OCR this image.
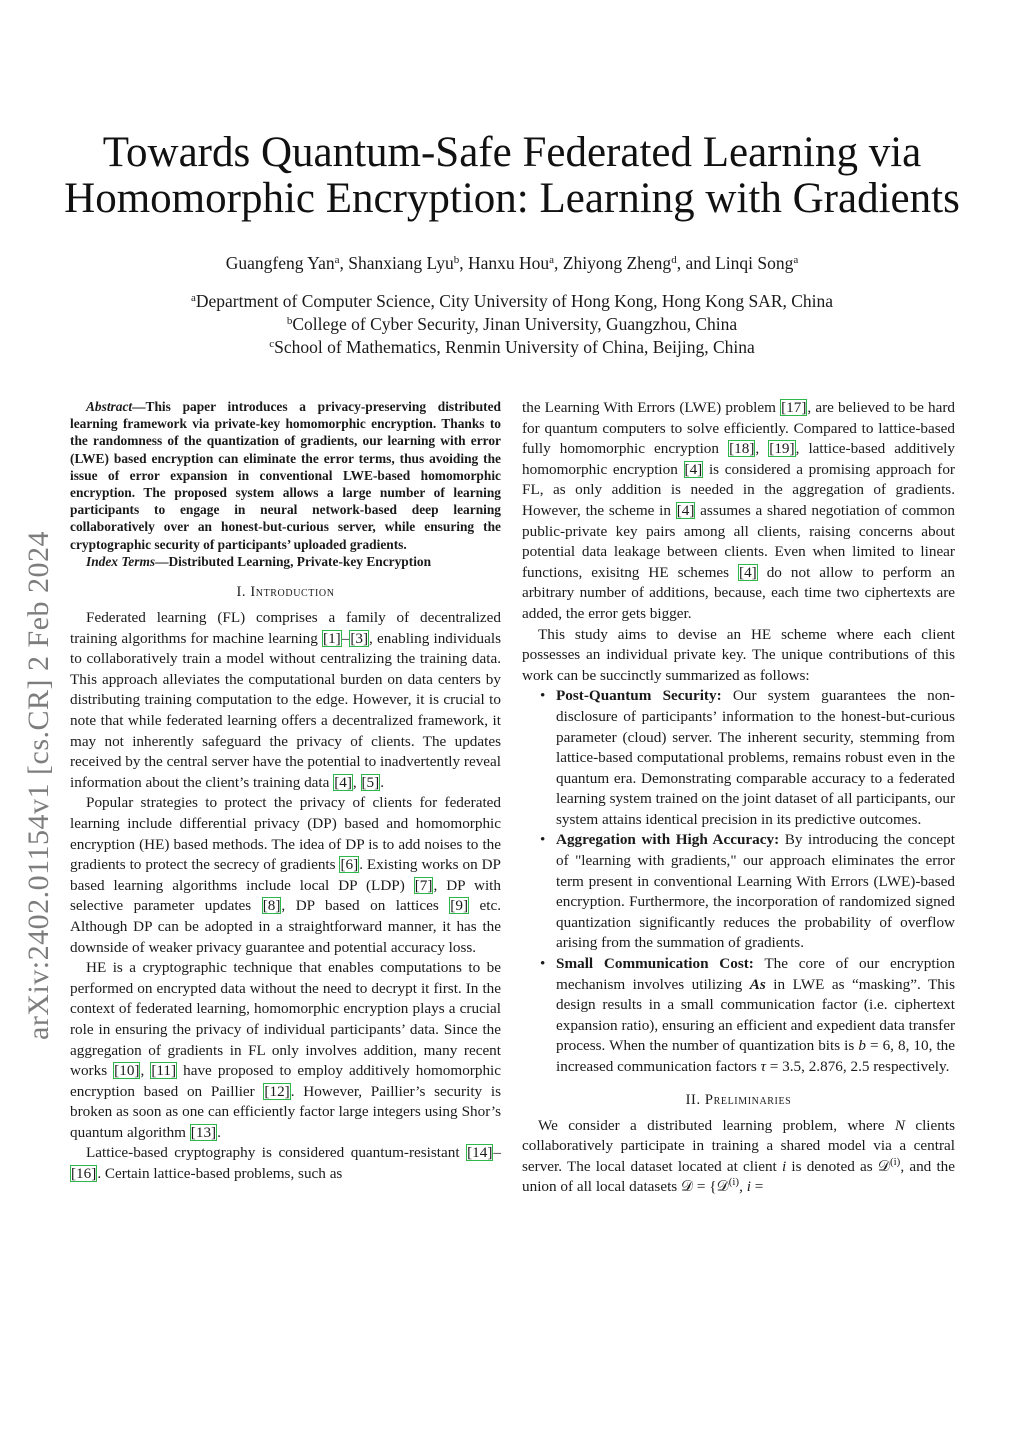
arXiv:2402.01154v1 [cs.CR] 2 Feb 2024
Towards Quantum-Safe Federated Learning via
Homomorphic Encryption: Learning with Gradients
Guangfeng Yan$^a$, Shanxiang Lyu$^b$, Hanxu Hou$^a$, Zhiyong Zheng$^d$, and Linqi Song$^a$
$^a$Department of Computer Science, City University of Hong Kong, Hong Kong SAR, China
$^b$College of Cyber Security, Jinan University, Guangzhou, China
$^c$School of Mathematics, Renmin University of China, Beijing, China

Abstract—This paper introduces a privacy-preserving distributed learning framework via private-key homomorphic encryption. Thanks to the randomness of the quantization of gradients, our learning with error (LWE) based encryption can eliminate the error terms, thus avoiding the issue of error expansion in conventional LWE-based homomorphic encryption. The proposed system allows a large number of learning participants to engage in neural network-based deep learning collaboratively over an honest-but-curious server, while ensuring the cryptographic security of participants’ uploaded gradients.

Index Terms—Distributed Learning, Private-key Encryption

I. Introduction

Federated learning (FL) comprises a family of decentralized training algorithms for machine learning [1]–[3], enabling individuals to collaboratively train a model without centralizing the training data. This approach alleviates the computational burden on data centers by distributing training computation to the edge. However, it is crucial to note that while federated learning offers a decentralized framework, it may not inherently safeguard the privacy of clients. The updates received by the central server have the potential to inadvertently reveal information about the client’s training data [4], [5].

Popular strategies to protect the privacy of clients for federated learning include differential privacy (DP) based and homomorphic encryption (HE) based methods. The idea of DP is to add noises to the gradients to protect the secrecy of gradients [6]. Existing works on DP based learning algorithms include local DP (LDP) [7], DP with selective parameter updates [8], DP based on lattices [9] etc. Although DP can be adopted in a straightforward manner, it has the downside of weaker privacy guarantee and potential accuracy loss.

HE is a cryptographic technique that enables computations to be performed on encrypted data without the need to decrypt it first. In the context of federated learning, homomorphic encryption plays a crucial role in ensuring the privacy of individual participants’ data. Since the aggregation of gradients in FL only involves addition, many recent works [10], [11] have proposed to employ additively homomorphic encryption based on Paillier [12]. However, Paillier’s security is broken as soon as one can efficiently factor large integers using Shor’s quantum algorithm [13].

Lattice-based cryptography is considered quantum-resistant [14]–[16]. Certain lattice-based problems, such as

the Learning With Errors (LWE) problem [17], are believed to be hard for quantum computers to solve efficiently. Compared to lattice-based fully homomorphic encryption [18], [19], lattice-based additively homomorphic encryption [4] is considered a promising approach for FL, as only addition is needed in the aggregation of gradients. However, the scheme in [4] assumes a shared negotiation of common public-private key pairs among all clients, raising concerns about potential data leakage between clients. Even when limited to linear functions, exisitng HE schemes [4] do not allow to perform an arbitrary number of additions, because, each time two ciphertexts are added, the error gets bigger.

This study aims to devise an HE scheme where each client possesses an individual private key. The unique contributions of this work can be succinctly summarized as follows:

• Post-Quantum Security: Our system guarantees the non-disclosure of participants’ information to the honest-but-curious parameter (cloud) server. The inherent security, stemming from lattice-based computational problems, remains robust even in the quantum era. Demonstrating comparable accuracy to a federated learning system trained on the joint dataset of all participants, our system attains identical precision in its predictive outcomes.
• Aggregation with High Accuracy: By introducing the concept of "learning with gradients," our approach eliminates the error term present in conventional Learning With Errors (LWE)-based encryption. Furthermore, the incorporation of randomized signed quantization significantly reduces the probability of overflow arising from the summation of gradients.
• Small Communication Cost: The core of our encryption mechanism involves utilizing As in LWE as “masking”. This design results in a small communication factor (i.e. ciphertext expansion ratio), ensuring an efficient and expedient data transfer process. When the number of quantization bits is b = 6, 8, 10, the increased communication factors τ = 3.5, 2.876, 2.5 respectively.
II. Preliminaries

We consider a distributed learning problem, where N clients collaboratively participate in training a shared model via a central server. The local dataset located at client i is denoted as 𝒟$^{(i)}$, and the union of all local datasets 𝒟 = {𝒟$^{(i)}$, i =
